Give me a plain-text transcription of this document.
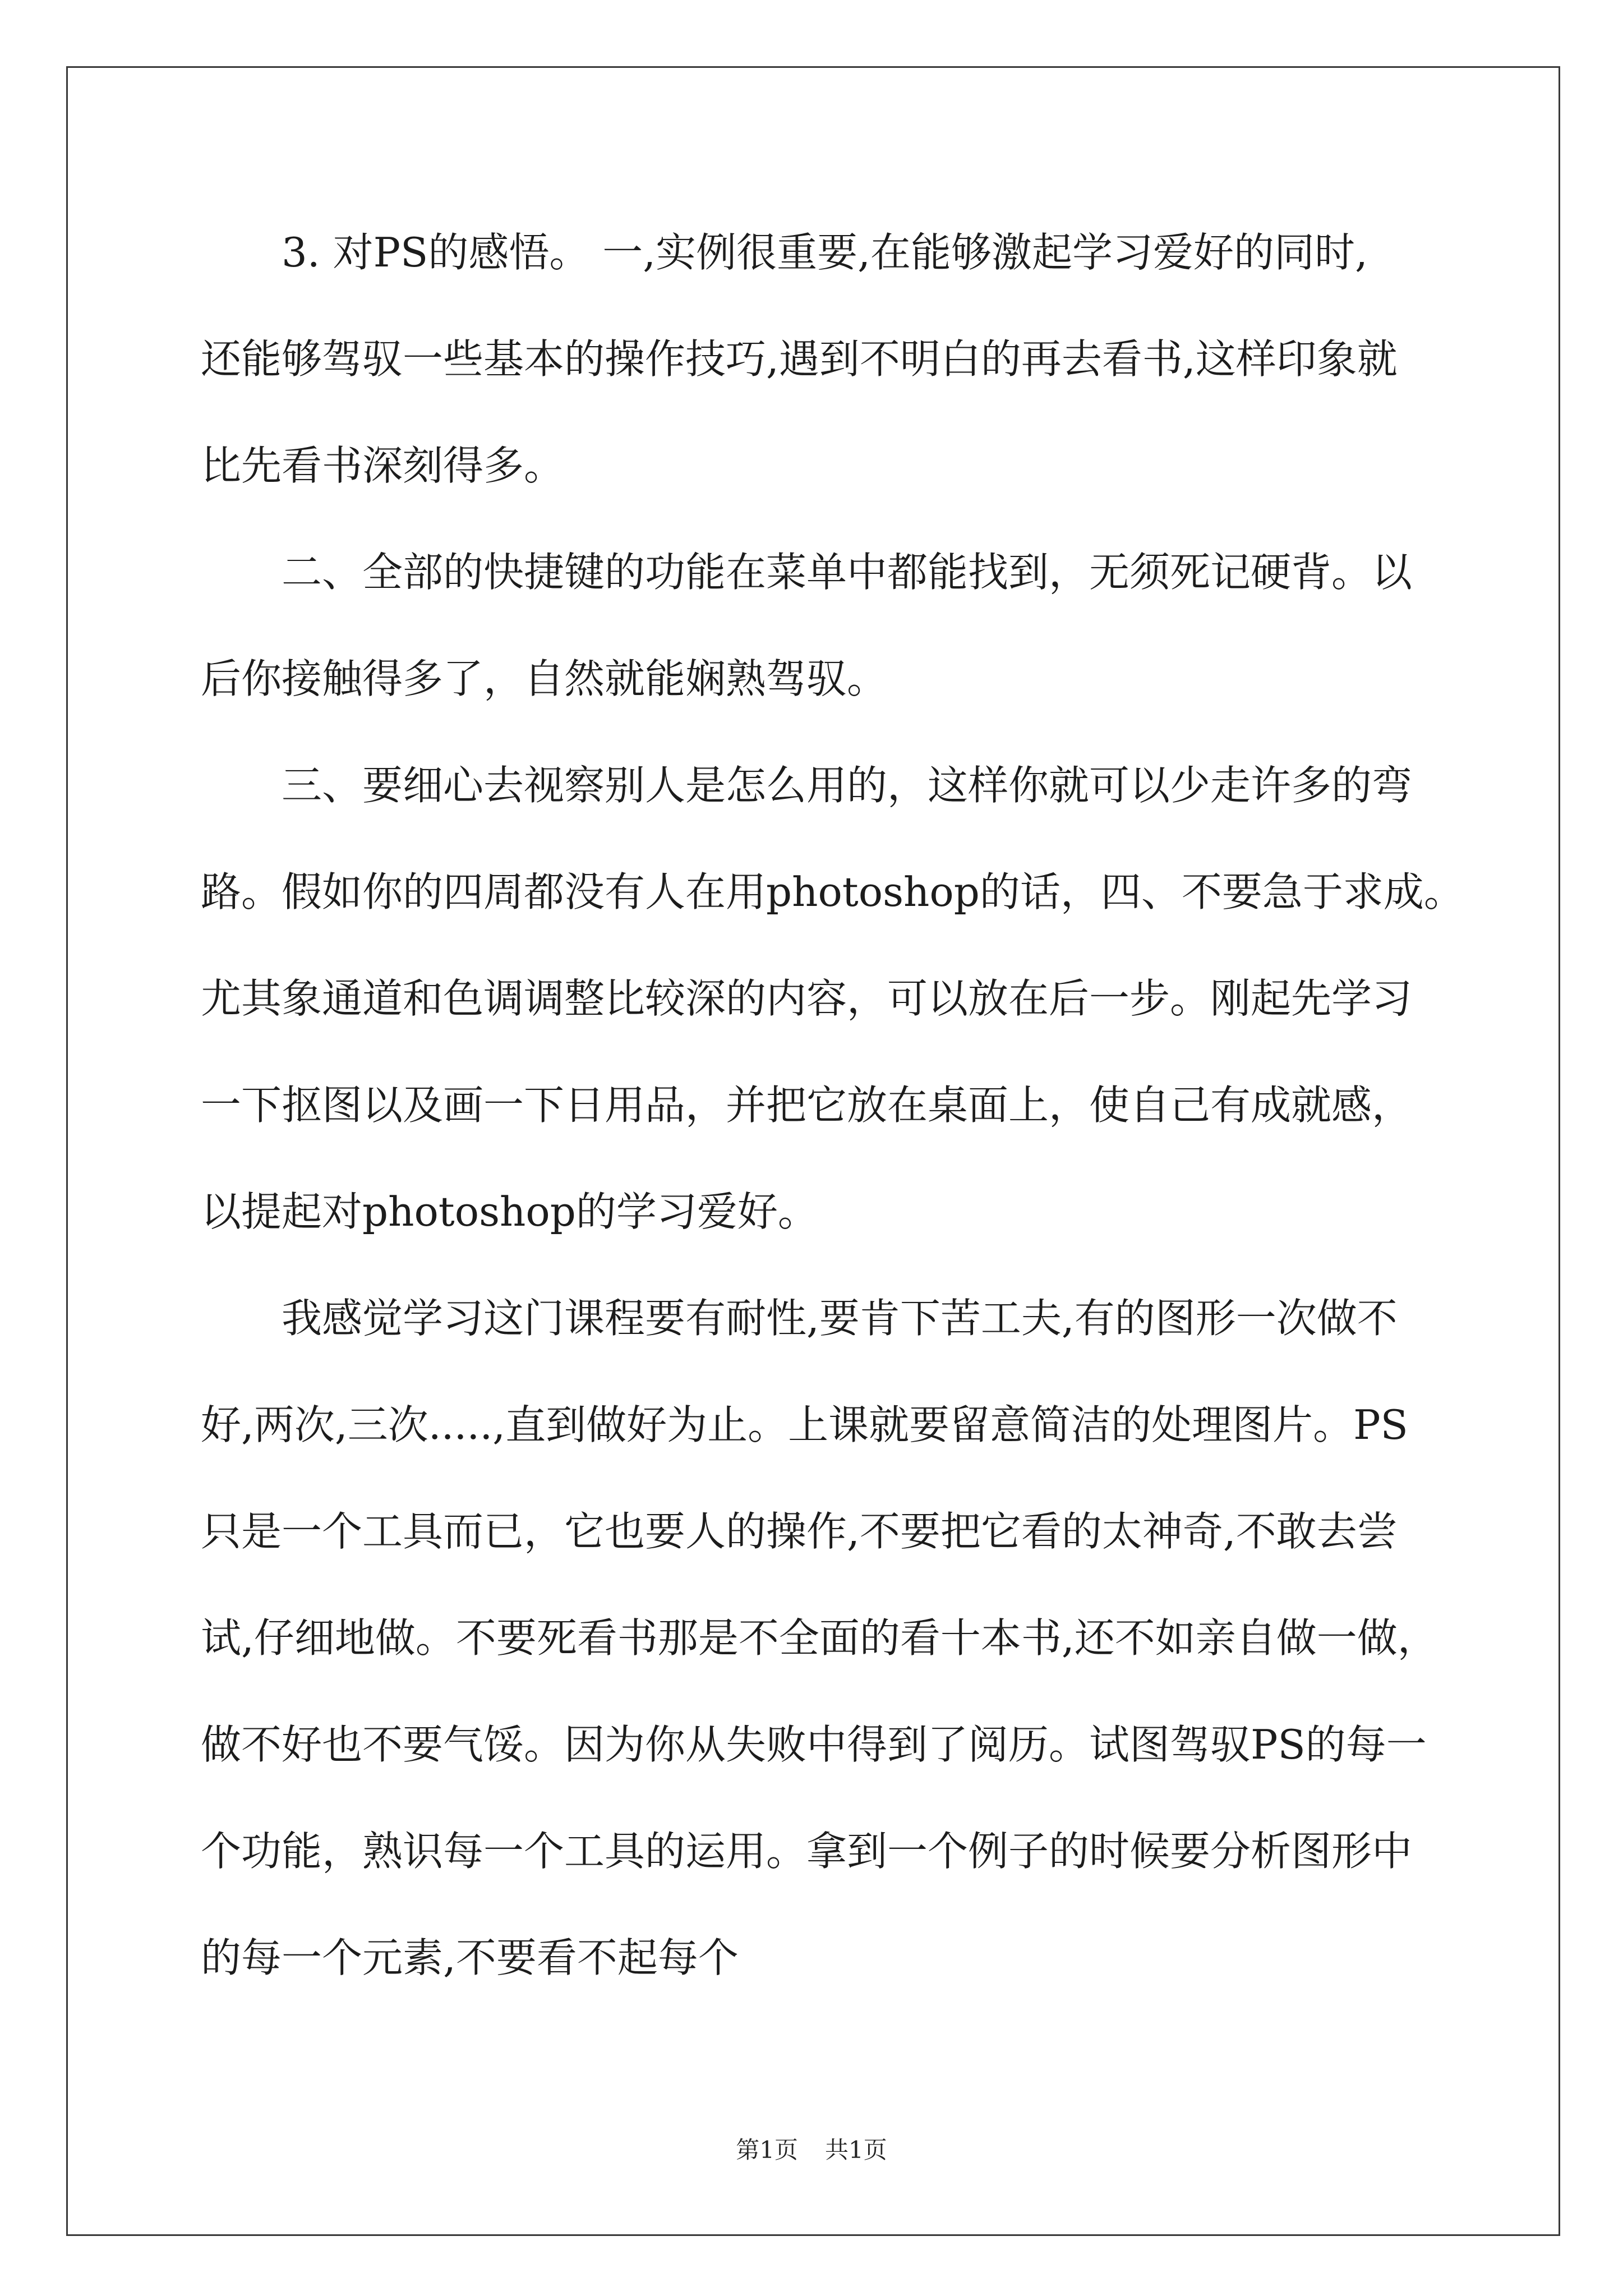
3. 对PS的感悟。 一,实例很重要,在能够激起学习爱好的同时,
还能够驾驭一些基本的操作技巧,遇到不明白的再去看书,这样印象就
比先看书深刻得多。
二、全部的快捷键的功能在菜单中都能找到，无须死记硬背。以
后你接触得多了，自然就能娴熟驾驭。
三、要细心去视察别人是怎么用的，这样你就可以少走许多的弯
路。假如你的四周都没有人在用photoshop的话，四、不要急于求成。
尤其象通道和色调调整比较深的内容，可以放在后一步。刚起先学习
一下抠图以及画一下日用品，并把它放在桌面上，使自己有成就感，
以提起对photoshop的学习爱好。
我感觉学习这门课程要有耐性,要肯下苦工夫,有的图形一次做不
好,两次,三次.....,直到做好为止。上课就要留意简洁的处理图片。PS
只是一个工具而已，它也要人的操作,不要把它看的太神奇,不敢去尝
试,仔细地做。不要死看书那是不全面的看十本书,还不如亲自做一做，
做不好也不要气馁。因为你从失败中得到了阅历。试图驾驭PS的每一
个功能，熟识每一个工具的运用。拿到一个例子的时候要分析图形中
的每一个元素,不要看不起每个
第1页 共1页
